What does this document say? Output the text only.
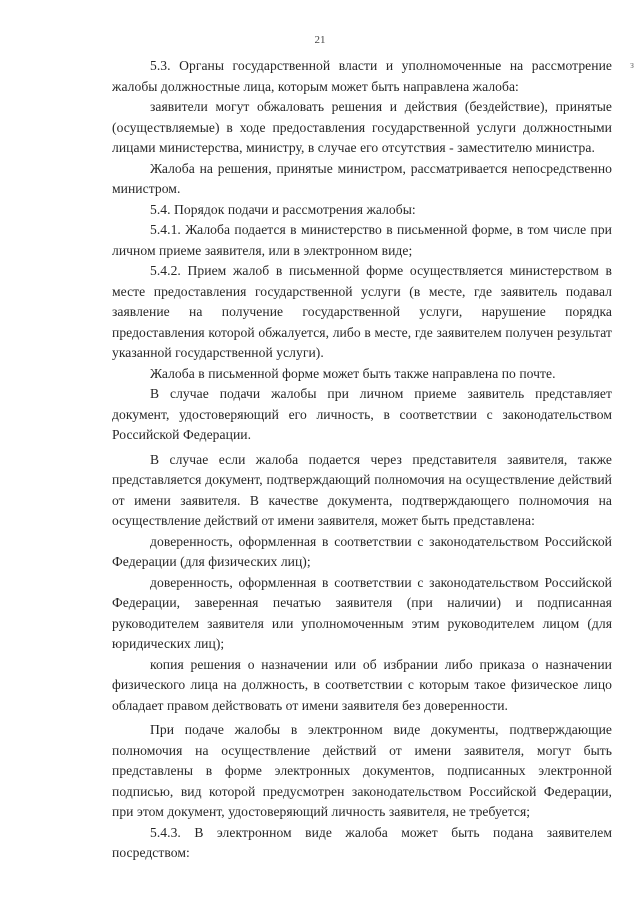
21
з

5.3. Органы государственной власти и уполномоченные на рассмотрение жалобы должностные лица, которым может быть направлена жалоба:

заявители могут обжаловать решения и действия (бездействие), принятые (осуществляемые) в ходе предоставления государственной услуги должностными лицами министерства, министру, в случае его отсутствия - заместителю министра.

Жалоба на решения, принятые министром, рассматривается непосредственно министром.

5.4. Порядок подачи и рассмотрения жалобы:

5.4.1. Жалоба подается в министерство в письменной форме, в том числе при личном приеме заявителя, или в электронном виде;

5.4.2. Прием жалоб в письменной форме осуществляется министерством в месте предоставления государственной услуги (в месте, где заявитель подавал заявление на получение государственной услуги, нарушение порядка предоставления которой обжалуется, либо в месте, где заявителем получен результат указанной государственной услуги).

Жалоба в письменной форме может быть также направлена по почте.

В случае подачи жалобы при личном приеме заявитель представляет документ, удостоверяющий его личность, в соответствии с законодательством Российской Федерации.

В случае если жалоба подается через представителя заявителя, также представляется документ, подтверждающий полномочия на осуществление действий от имени заявителя. В качестве документа, подтверждающего полномочия на осуществление действий от имени заявителя, может быть представлена:

доверенность, оформленная в соответствии с законодательством Российской Федерации (для физических лиц);

доверенность, оформленная в соответствии с законодательством Российской Федерации, заверенная печатью заявителя (при наличии) и подписанная руководителем заявителя или уполномоченным этим руководителем лицом (для юридических лиц);

копия решения о назначении или об избрании либо приказа о назначении физического лица на должность, в соответствии с которым такое физическое лицо обладает правом действовать от имени заявителя без доверенности.

При подаче жалобы в электронном виде документы, подтверждающие полномочия на осуществление действий от имени заявителя, могут быть представлены в форме электронных документов, подписанных электронной подписью, вид которой предусмотрен законодательством Российской Федерации, при этом документ, удостоверяющий личность заявителя, не требуется;

5.4.3. В электронном виде жалоба может быть подана заявителем посредством:
